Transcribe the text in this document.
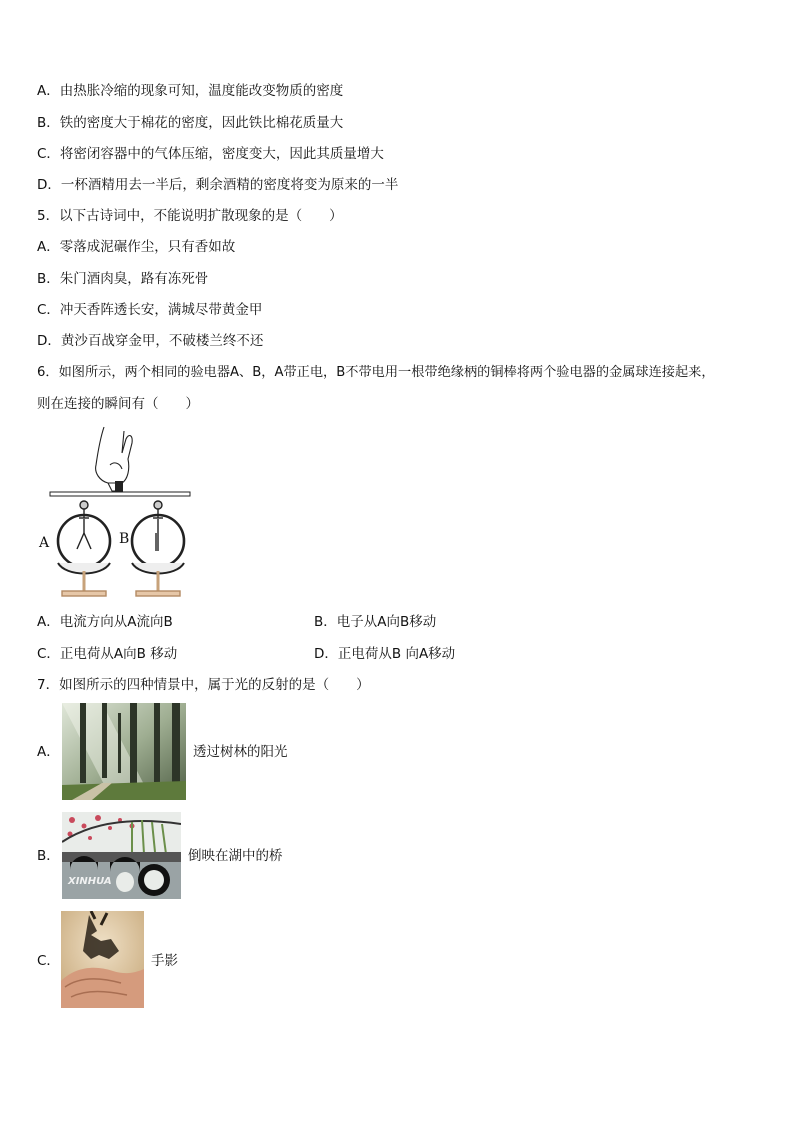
A．由热胀冷缩的现象可知，温度能改变物质的密度
B．铁的密度大于棉花的密度，因此铁比棉花质量大
C．将密闭容器中的气体压缩，密度变大，因此其质量增大
D．一杯酒精用去一半后，剩余酒精的密度将变为原来的一半
5．以下古诗词中，不能说明扩散现象的是（　　）
A．零落成泥碾作尘，只有香如故
B．朱门酒肉臭，路有冻死骨
C．冲天香阵透长安，满城尽带黄金甲
D．黄沙百战穿金甲，不破楼兰终不还
6．如图所示，两个相同的验电器A、B，A带正电，B不带电用一根带绝缘柄的铜棒将两个验电器的金属球连接起来，
则在连接的瞬间有（　　）
A	B
A．电流方向从A流向B	B．电子从A向B移动
C．正电荷从A向B 移动	D．正电荷从B 向A移动
7．如图所示的四种情景中，属于光的反射的是（　　）
A．	透过树林的阳光
B．
XINHUA
倒映在湖中的桥
C．	手影
